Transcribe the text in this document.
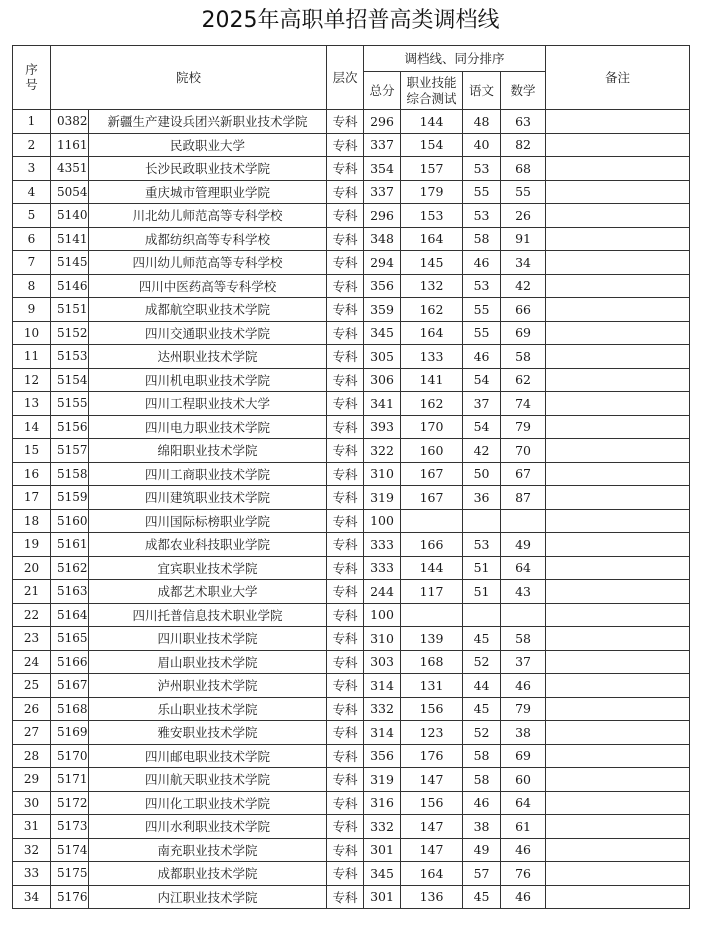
2025年高职单招普高类调档线
序号	院校		层次	调档线、同分排序				备注
				总分	职业技能综合测试	语文	数学	
1	0382	新疆生产建设兵团兴新职业技术学院	专科	296	144	48	63	
2	1161	民政职业大学	专科	337	154	40	82	
3	4351	长沙民政职业技术学院	专科	354	157	53	68	
4	5054	重庆城市管理职业学院	专科	337	179	55	55	
5	5140	川北幼儿师范高等专科学校	专科	296	153	53	26	
6	5141	成都纺织高等专科学校	专科	348	164	58	91	
7	5145	四川幼儿师范高等专科学校	专科	294	145	46	34	
8	5146	四川中医药高等专科学校	专科	356	132	53	42	
9	5151	成都航空职业技术学院	专科	359	162	55	66	
10	5152	四川交通职业技术学院	专科	345	164	55	69	
11	5153	达州职业技术学院	专科	305	133	46	58	
12	5154	四川机电职业技术学院	专科	306	141	54	62	
13	5155	四川工程职业技术大学	专科	341	162	37	74	
14	5156	四川电力职业技术学院	专科	393	170	54	79	
15	5157	绵阳职业技术学院	专科	322	160	42	70	
16	5158	四川工商职业技术学院	专科	310	167	50	67	
17	5159	四川建筑职业技术学院	专科	319	167	36	87	
18	5160	四川国际标榜职业学院	专科	100				
19	5161	成都农业科技职业学院	专科	333	166	53	49	
20	5162	宜宾职业技术学院	专科	333	144	51	64	
21	5163	成都艺术职业大学	专科	244	117	51	43	
22	5164	四川托普信息技术职业学院	专科	100				
23	5165	四川职业技术学院	专科	310	139	45	58	
24	5166	眉山职业技术学院	专科	303	168	52	37	
25	5167	泸州职业技术学院	专科	314	131	44	46	
26	5168	乐山职业技术学院	专科	332	156	45	79	
27	5169	雅安职业技术学院	专科	314	123	52	38	
28	5170	四川邮电职业技术学院	专科	356	176	58	69	
29	5171	四川航天职业技术学院	专科	319	147	58	60	
30	5172	四川化工职业技术学院	专科	316	156	46	64	
31	5173	四川水利职业技术学院	专科	332	147	38	61	
32	5174	南充职业技术学院	专科	301	147	49	46	
33	5175	成都职业技术学院	专科	345	164	57	76	
34	5176	内江职业技术学院	专科	301	136	45	46	
